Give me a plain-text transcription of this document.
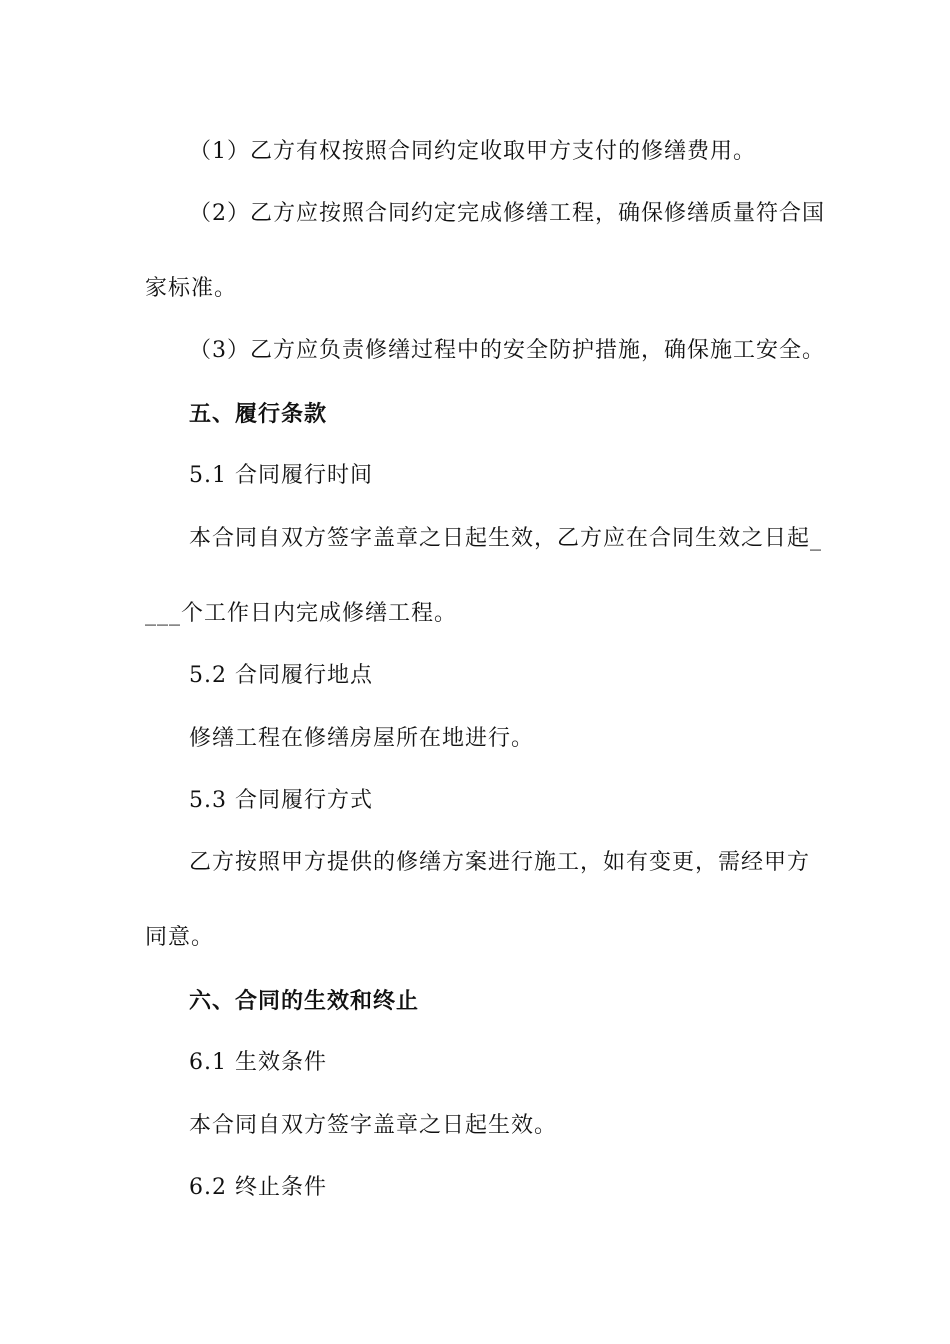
（1）乙方有权按照合同约定收取甲方支付的修缮费用。
（2）乙方应按照合同约定完成修缮工程，确保修缮质量符合国
家标准。
（3）乙方应负责修缮过程中的安全防护措施，确保施工安全。
五、履行条款
5.1 合同履行时间
本合同自双方签字盖章之日起生效，乙方应在合同生效之日起_
___个工作日内完成修缮工程。
5.2 合同履行地点
修缮工程在修缮房屋所在地进行。
5.3 合同履行方式
乙方按照甲方提供的修缮方案进行施工，如有变更，需经甲方
同意。
六、合同的生效和终止
6.1 生效条件
本合同自双方签字盖章之日起生效。
6.2 终止条件
